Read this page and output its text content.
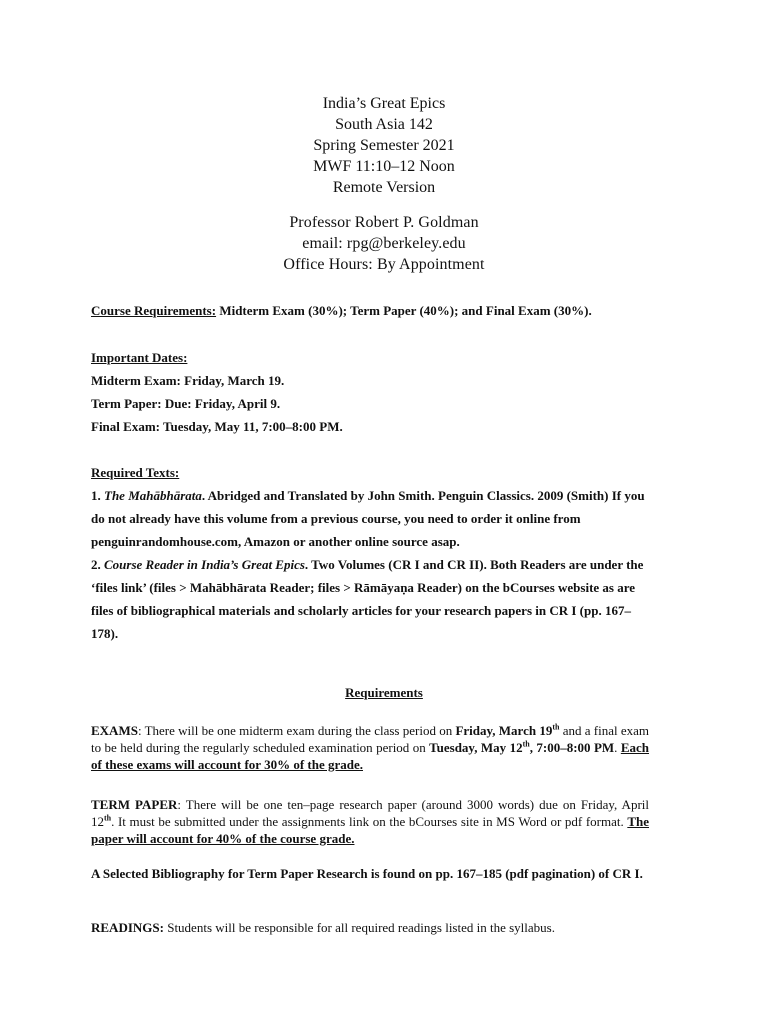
India’s Great Epics
South Asia 142
Spring Semester 2021
MWF 11:10–12 Noon
Remote Version
Professor Robert P. Goldman
email: rpg@berkeley.edu
Office Hours: By Appointment
Course Requirements: Midterm Exam (30%); Term Paper (40%); and Final Exam (30%).
Important Dates:
Midterm Exam: Friday, March 19.
Term Paper: Due: Friday, April 9.
Final Exam: Tuesday, May 11, 7:00–8:00 PM.
Required Texts:
1. The Mahābhārata. Abridged and Translated by John Smith. Penguin Classics. 2009 (Smith) If you
do not already have this volume from a previous course, you need to order it online from
penguinrandomhouse.com, Amazon or another online source asap.
2. Course Reader in India’s Great Epics. Two Volumes (CR I and CR II). Both Readers are under the
‘files link’ (files > Mahābhārata Reader; files > Rāmāyaṇa Reader) on the bCourses website as are
files of bibliographical materials and scholarly articles for your research papers in CR I (pp. 167–
178).
Requirements
EXAMS: There will be one midterm exam during the class period on Friday, March 19th and a final exam to be held during the regularly scheduled examination period on Tuesday, May 12th, 7:00–8:00 PM. Each of these exams will account for 30% of the grade.
TERM PAPER: There will be one ten–page research paper (around 3000 words) due on Friday, April 12th. It must be submitted under the assignments link on the bCourses site in MS Word or pdf format. The paper will account for 40% of the course grade.
A Selected Bibliography for Term Paper Research is found on pp. 167–185 (pdf pagination) of CR I.
READINGS: Students will be responsible for all required readings listed in the syllabus.
